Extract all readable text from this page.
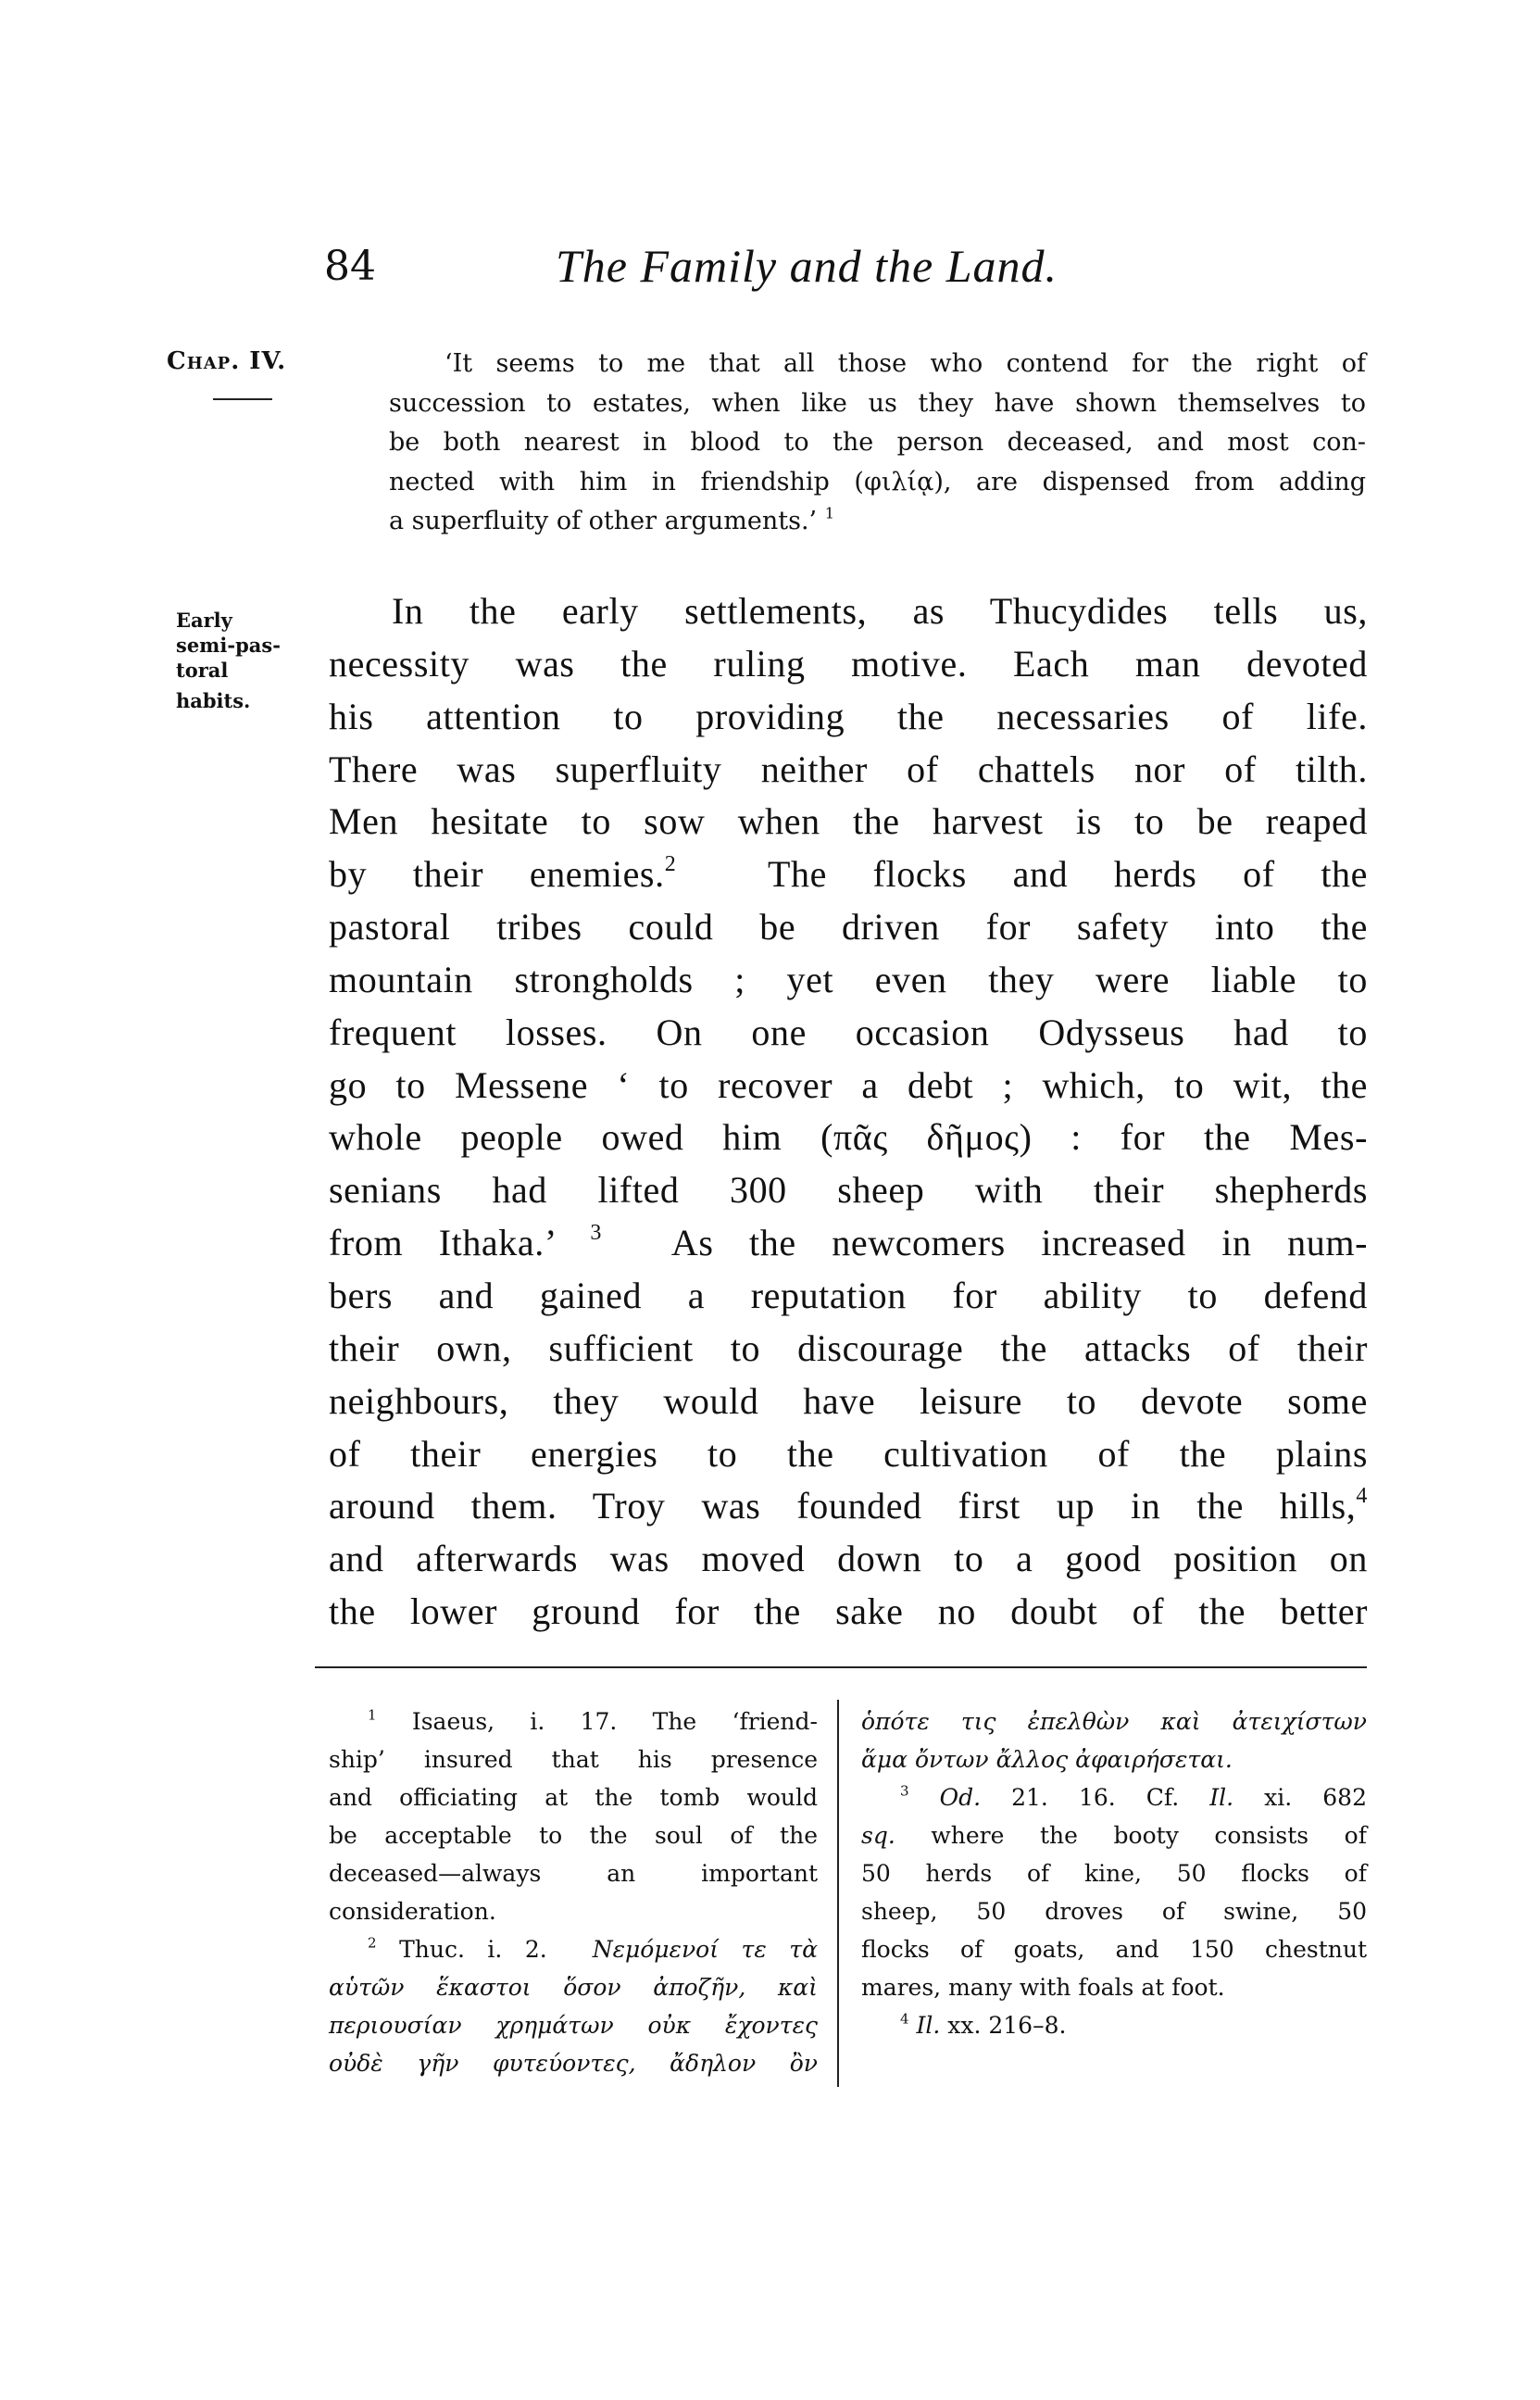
84	The Family and the Land.
Chap. IV.	‘It seems to me that all those who contend for the right of
succession to estates, when like us they have shown themselves to
be both nearest in blood to the person deceased, and most con-
nected with him in friendship (φιλίᾳ), are dispensed from adding
a superfluity of other arguments.’ $^1$
Early
semi-pas-
toral
habits.
In the early settlements, as Thucydides tells us,
necessity was the ruling motive. Each man devoted
his attention to providing the necessaries of life.
There was superfluity neither of chattels nor of tilth.
Men hesitate to sow when the harvest is to be reaped
by their enemies.$^2$ The flocks and herds of the
pastoral tribes could be driven for safety into the
mountain strongholds ; yet even they were liable to
frequent losses. On one occasion Odysseus had to
go to Messene ‘ to recover a debt ; which, to wit, the
whole people owed him (πᾶς δῆμος) : for the Mes-
senians had lifted 300 sheep with their shepherds
from Ithaka.’ $^3$ As the newcomers increased in num-
bers and gained a reputation for ability to defend
their own, sufficient to discourage the attacks of their
neighbours, they would have leisure to devote some
of their energies to the cultivation of the plains
around them. Troy was founded first up in the hills,$^4$
and afterwards was moved down to a good position on
the lower ground for the sake no doubt of the better
$^1$ Isaeus, i. 17. The ‘friend-
ship’ insured that his presence
and officiating at the tomb would
be acceptable to the soul of the
deceased—always an important
consideration.
$^2$ Thuc. i. 2. Νεμόμενοί τε τὰ
αὑτῶν ἕκαστοι ὅσον ἀποζῆν, καὶ
περιουσίαν χρημάτων οὐκ ἔχοντες
οὐδὲ γῆν φυτεύοντες, ἄδηλον ὂν
ὁπότε τις ἐπελθὼν καὶ ἀτειχίστων
ἅμα ὄντων ἄλλος ἀφαιρήσεται.
$^3$ Od. 21. 16. Cf. Il. xi. 682
sq. where the booty consists of
50 herds of kine, 50 flocks of
sheep, 50 droves of swine, 50
flocks of goats, and 150 chestnut
mares, many with foals at foot.
$^4$ Il. xx. 216–8.
